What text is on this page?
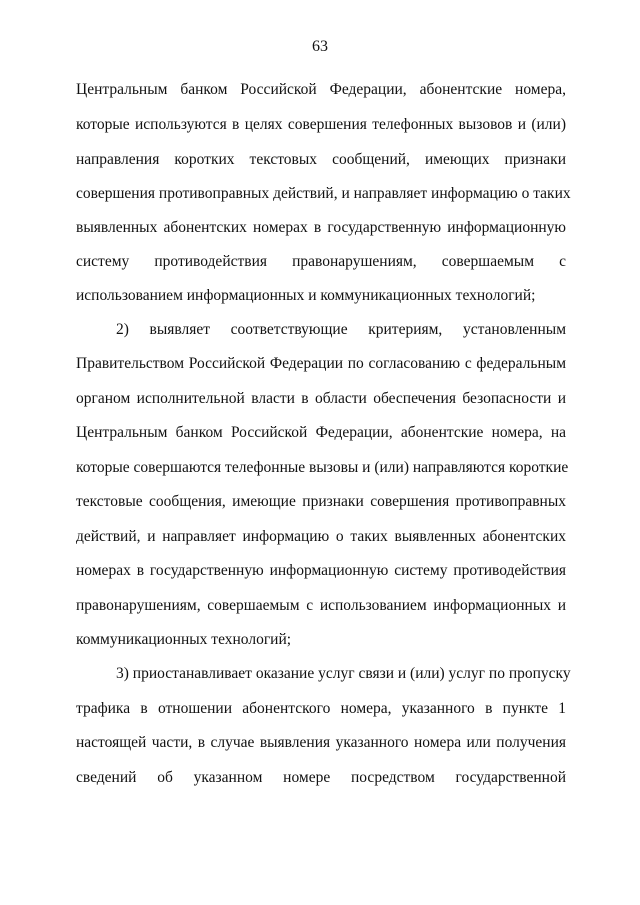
63
Центральным банком Российской Федерации, абонентские номера,
которые используются в целях совершения телефонных вызовов и (или)
направления коротких текстовых сообщений, имеющих признаки
совершения противоправных действий, и направляет информацию о таких
выявленных абонентских номерах в государственную информационную
систему противодействия правонарушениям, совершаемым с
использованием информационных и коммуникационных технологий;
2) выявляет соответствующие критериям, установленным
Правительством Российской Федерации по согласованию с федеральным
органом исполнительной власти в области обеспечения безопасности и
Центральным банком Российской Федерации, абонентские номера, на
которые совершаются телефонные вызовы и (или) направляются короткие
текстовые сообщения, имеющие признаки совершения противоправных
действий, и направляет информацию о таких выявленных абонентских
номерах в государственную информационную систему противодействия
правонарушениям, совершаемым с использованием информационных и
коммуникационных технологий;
3) приостанавливает оказание услуг связи и (или) услуг по пропуску
трафика в отношении абонентского номера, указанного в пункте 1
настоящей части, в случае выявления указанного номера или получения
сведений об указанном номере посредством государственной
